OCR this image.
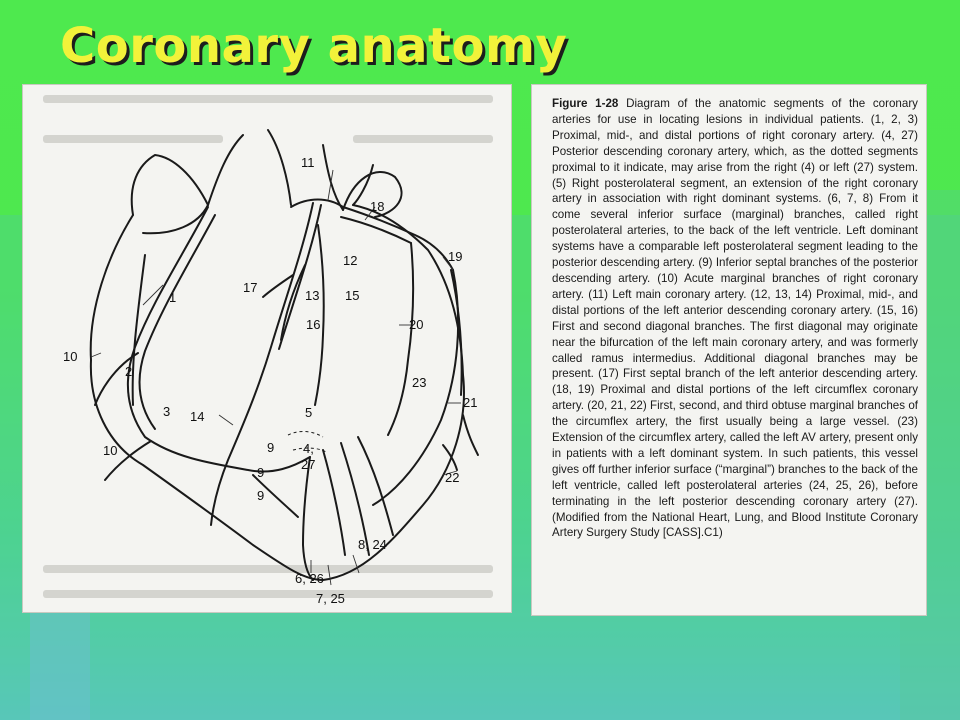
Coronary anatomy
11
18
12	19
1
17
13 15
16	20
10
2
23
21
3	5
14
10	9 4,
27
9	22
9
8, 24
6, 26
7, 25
Figure 1-28 Diagram of the anatomic segments of the coronary arteries for use in locating lesions in individual patients. (1, 2, 3) Proximal, mid-, and distal portions of right coronary artery. (4, 27) Posterior descending coronary artery, which, as the dotted segments proximal to it indicate, may arise from the right (4) or left (27) system. (5) Right posterolateral segment, an extension of the right coronary artery in association with right dominant systems. (6, 7, 8) From it come several inferior surface (marginal) branches, called right posterolateral arteries, to the back of the left ventricle. Left dominant systems have a comparable left posterolateral segment leading to the posterior descending artery. (9) Inferior septal branches of the posterior descending artery. (10) Acute marginal branches of right coronary artery. (11) Left main coronary artery. (12, 13, 14) Proximal, mid-, and distal portions of the left anterior descending coronary artery. (15, 16) First and second diagonal branches. The first diagonal may originate near the bifurcation of the left main coronary artery, and was formerly called ramus intermedius. Additional diagonal branches may be present. (17) First septal branch of the left anterior descending artery. (18, 19) Proximal and distal portions of the left circumflex coronary artery. (20, 21, 22) First, second, and third obtuse marginal branches of the circumflex artery, the first usually being a large vessel. (23) Extension of the circumflex artery, called the left AV artery, present only in patients with a left dominant system. In such patients, this vessel gives off further inferior surface (“marginal”) branches to the back of the left ventricle, called left posterolateral arteries (24, 25, 26), before terminating in the left posterior descending coronary artery (27). (Modified from the National Heart, Lung, and Blood Institute Coronary Artery Surgery Study [CASS].C1)
